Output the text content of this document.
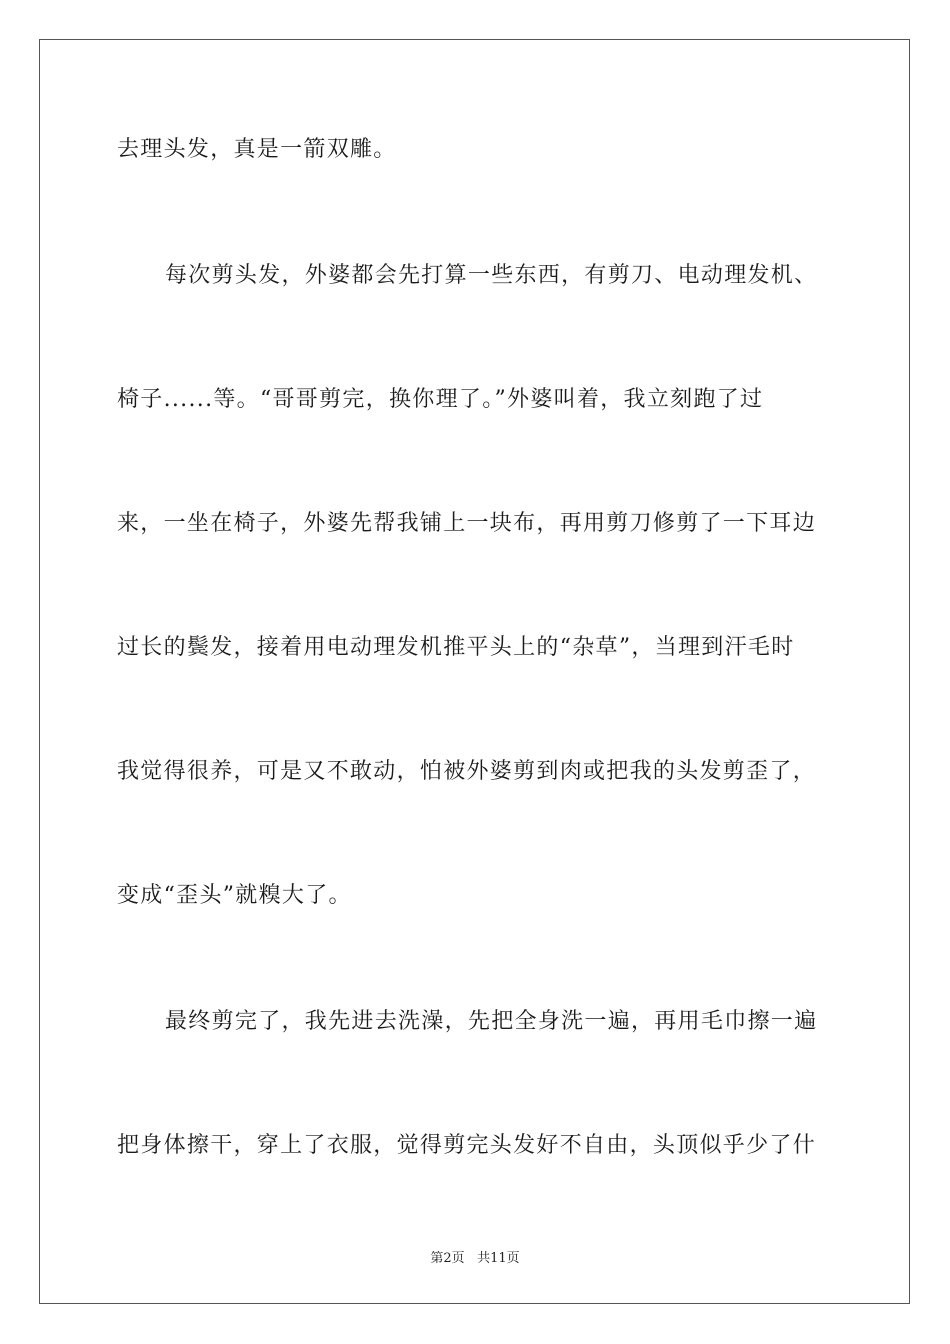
去理头发，真是一箭双雕。
每次剪头发，外婆都会先打算一些东西，有剪刀、电动理发机、
椅子......等。“哥哥剪完，换你理了。”外婆叫着，我立刻跑了过
来，一坐在椅子，外婆先帮我铺上一块布，再用剪刀修剪了一下耳边
过长的鬓发，接着用电动理发机推平头上的“杂草”，当理到汗毛时
我觉得很养，可是又不敢动，怕被外婆剪到肉或把我的头发剪歪了，
变成“歪头”就糗大了。
最终剪完了，我先进去洗澡，先把全身洗一遍，再用毛巾擦一遍
把身体擦干，穿上了衣服，觉得剪完头发好不自由，头顶似乎少了什
第2页 共11页
